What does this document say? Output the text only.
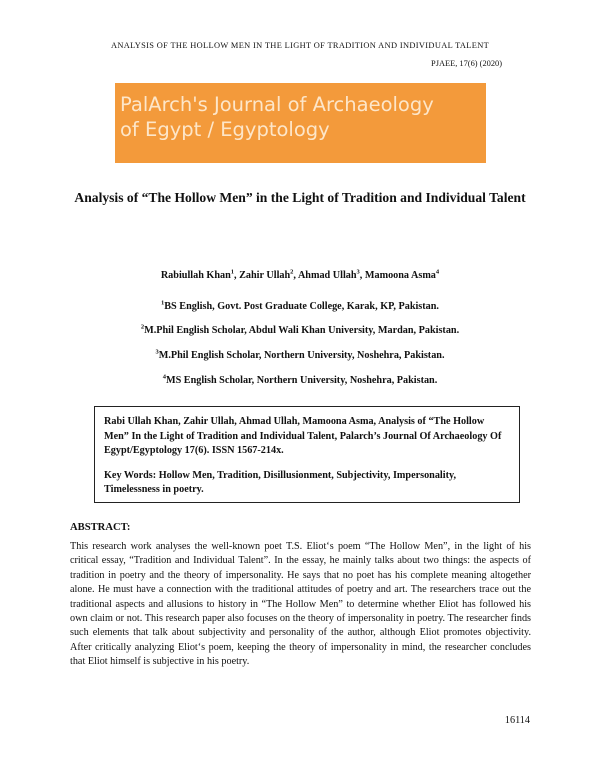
ANALYSIS OF THE HOLLOW MEN IN THE LIGHT OF TRADITION AND INDIVIDUAL TALENT
PJAEE, 17(6) (2020)
PalArch's Journal of Archaeology
of Egypt / Egyptology
Analysis of “The Hollow Men” in the Light of Tradition and Individual Talent
Rabiullah Khan$^1$, Zahir Ullah$^2$, Ahmad Ullah$^3$, Mamoona Asma$^4$
$^1$BS English, Govt. Post Graduate College, Karak, KP, Pakistan.
$^2$M.Phil English Scholar, Abdul Wali Khan University, Mardan, Pakistan.
$^3$M.Phil English Scholar, Northern University, Noshehra, Pakistan.
$^4$MS English Scholar, Northern University, Noshehra, Pakistan.

Rabi Ullah Khan, Zahir Ullah, Ahmad Ullah, Mamoona Asma, Analysis of “The Hollow Men” In the Light of Tradition and Individual Talent, Palarch’s Journal Of Archaeology Of Egypt/Egyptology 17(6). ISSN 1567-214x.

Key Words: Hollow Men, Tradition, Disillusionment, Subjectivity, Impersonality, Timelessness in poetry.

ABSTRACT:

This research work analyses the well-known poet T.S. Eliot‘s poem “The Hollow Men”, in the light of his critical essay, “Tradition and Individual Talent”. In the essay, he mainly talks about two things: the aspects of tradition in poetry and the theory of impersonality. He says that no poet has his complete meaning altogether alone. He must have a connection with the traditional attitudes of poetry and art. The researchers trace out the traditional aspects and allusions to history in “The Hollow Men” to determine whether Eliot has followed his own claim or not. This research paper also focuses on the theory of impersonality in poetry. The researcher finds such elements that talk about subjectivity and personality of the author, although Eliot promotes objectivity. After critically analyzing Eliot‘s poem, keeping the theory of impersonality in mind, the researcher concludes that Eliot himself is subjective in his poetry.

16114
